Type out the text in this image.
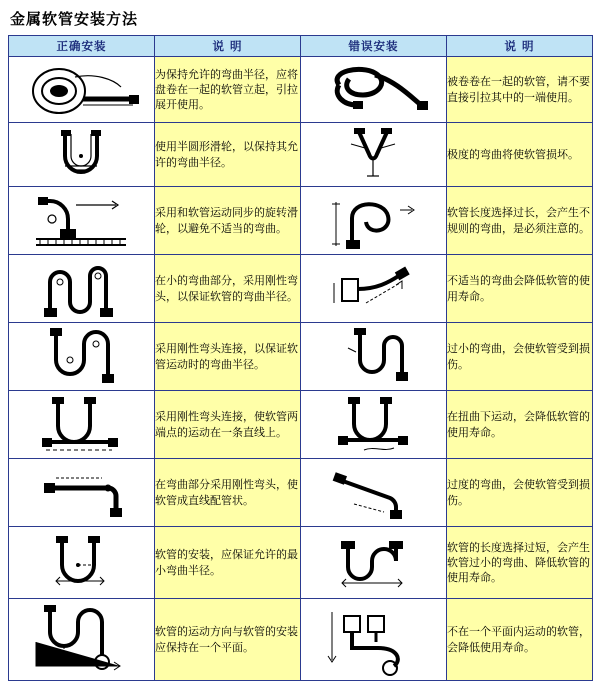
金属软管安装方法
正确安装	说 明	错误安装	说 明

	为保持允许的弯曲半径，应将盘卷在一起的软管立起，引拉展开使用。		被卷卷在一起的软管，请不要直接引拉其中的一端使用。

	使用半圆形滑轮，以保持其允许的弯曲半径。		极度的弯曲将使软管损坏。

	采用和软管运动同步的旋转滑轮，以避免不适当的弯曲。		软管长度选择过长，会产生不规则的弯曲，是必须注意的。

	在小的弯曲部分，采用刚性弯头，以保证软管的弯曲半径。		不适当的弯曲会降低软管的使用寿命。

	采用刚性弯头连接，以保证软管运动时的弯曲半径。		过小的弯曲，会使软管受到损伤。

	采用刚性弯头连接，使软管两端点的运动在一条直线上。		在扭曲下运动，会降低软管的使用寿命。

	在弯曲部分采用刚性弯头，使软管成直线配管状。		过度的弯曲，会使软管受到损伤。

	软管的安装，应保证允许的最小弯曲半径。		软管的长度选择过短，会产生软管过小的弯曲、降低软管的使用寿命。

	软管的运动方向与软管的安装应保持在一个平面。		不在一个平面内运动的软管，会降低使用寿命。
